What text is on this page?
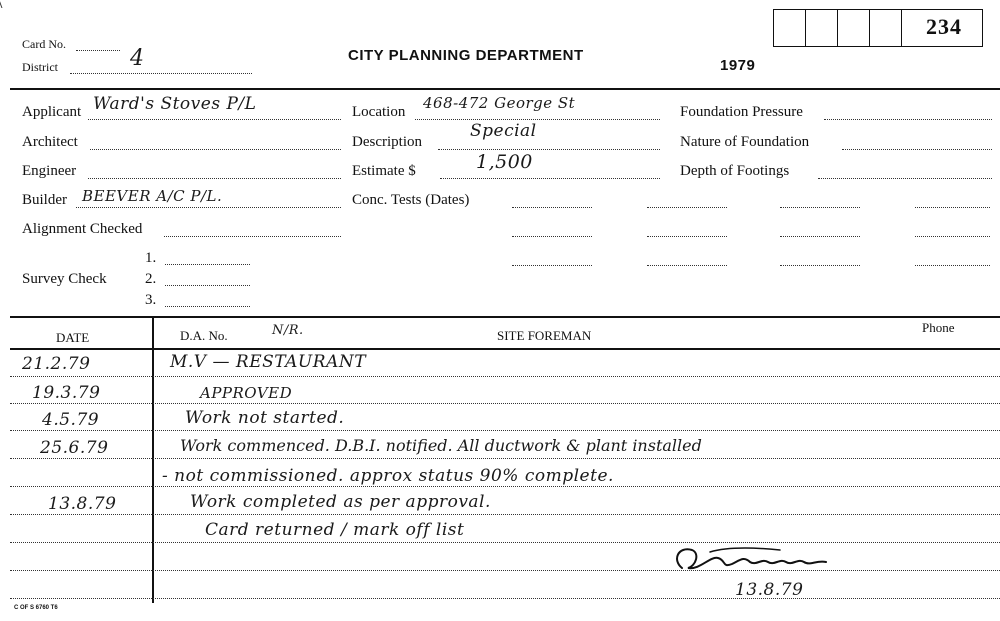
Card No.
District	4	CITY PLANNING DEPARTMENT
1979
234
Applicant Ward's Stoves P/L
Architect
Engineer
Builder BEEVER A/C P/L.
Alignment Checked
Survey Check
1.
2.
3.
Location 468-472 George St
Description
Special
Estimate $	1,500
Conc. Tests (Dates)
Foundation Pressure
Nature of Foundation
Depth of Footings
DATE	D.A. No.	N/R.	SITE FOREMAN
Phone
21.2.79	M.V — RESTAURANT
19.3.79	APPROVED
4.5.79	Work not started.
25.6.79	Work commenced. D.B.I. notified. All ductwork & plant installed
- not commissioned. approx status 90% complete.
13.8.79	Work completed as per approval.
Card returned / mark off list
13.8.79
C OF S 6760 T6
